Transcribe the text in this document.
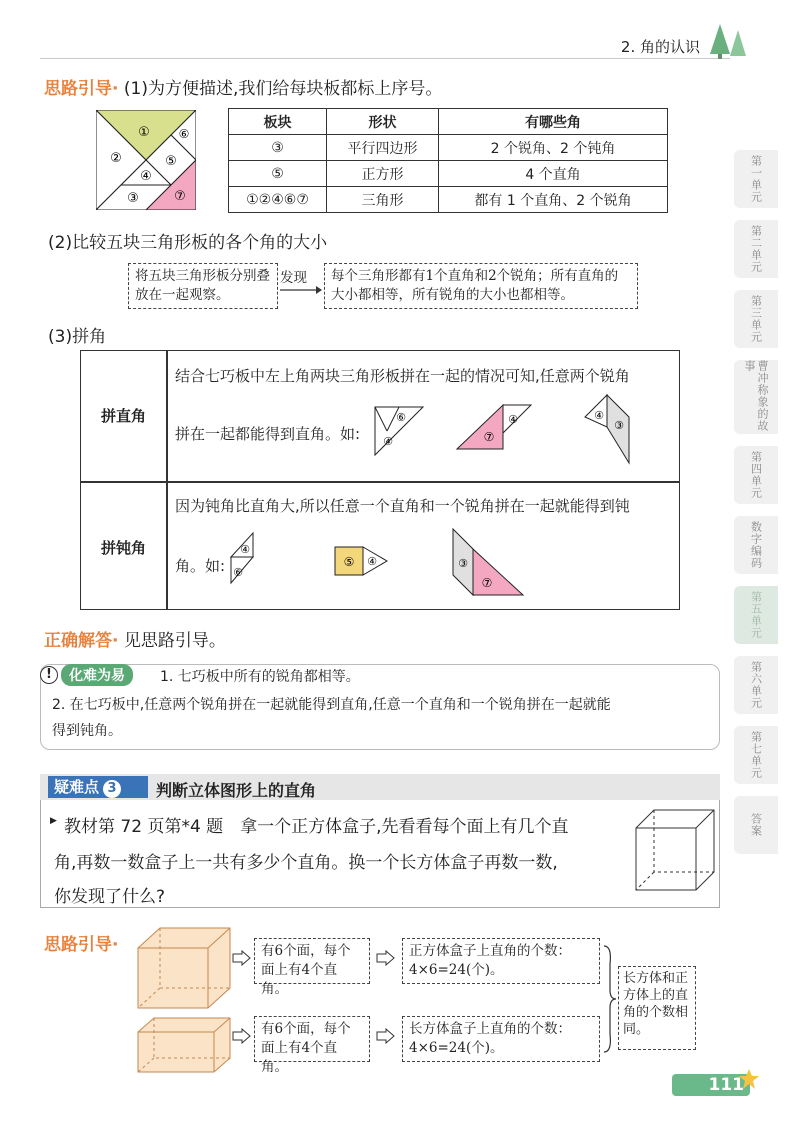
2. 角的认识
第一单元
第二单元
第三单元
曹冲称象的故事
第四单元
数字编码
第五单元
第六单元
第七单元
答案
思路引导· (1)为方便描述,我们给每块板都标上序号。
①
②
③
④
⑤
⑥
⑦
板块	形状	有哪些角
③	平行四边形	2 个锐角、2 个钝角
⑤	正方形	4 个直角
①②④⑥⑦	三角形	都有 1 个直角、2 个锐角
(2)比较五块三角形板的各个角的大小
将五块三角形板分别叠放在一起观察。
发现	每个三角形都有1个直角和2个锐角；所有直角的大小都相等，所有锐角的大小也都相等。
(3)拼角
拼直角
拼钝角
结合七巧板中左上角两块三角形板拼在一起的情况可知,任意两个锐角
拼在一起都能得到直角。如:
⑥
④	⑦
④	④
③
因为钝角比直角大,所以任意一个直角和一个锐角拼在一起就能得到钝
角。如:
④
⑥
⑤ ④	③
⑦
正确解答· 见思路引导。
!	化难为易	1. 七巧板中所有的锐角都相等。
2. 在七巧板中,任意两个锐角拼在一起就能得到直角,任意一个直角和一个锐角拼在一起就能
得到钝角。
疑难点 3	判断立体图形上的直角
▶ 教材第 72 页第*4 题　拿一个正方体盒子,先看看每个面上有几个直
角,再数一数盒子上一共有多少个直角。换一个长方体盒子再数一数,
你发现了什么?
思路引导·	有6个面，每个面上有4个直角。
正方体盒子上直角的个数：4×6=24(个)。
有6个面，每个面上有4个直角。
长方体盒子上直角的个数：4×6=24(个)。
长方体和正方体上的直角的个数相同。
111
